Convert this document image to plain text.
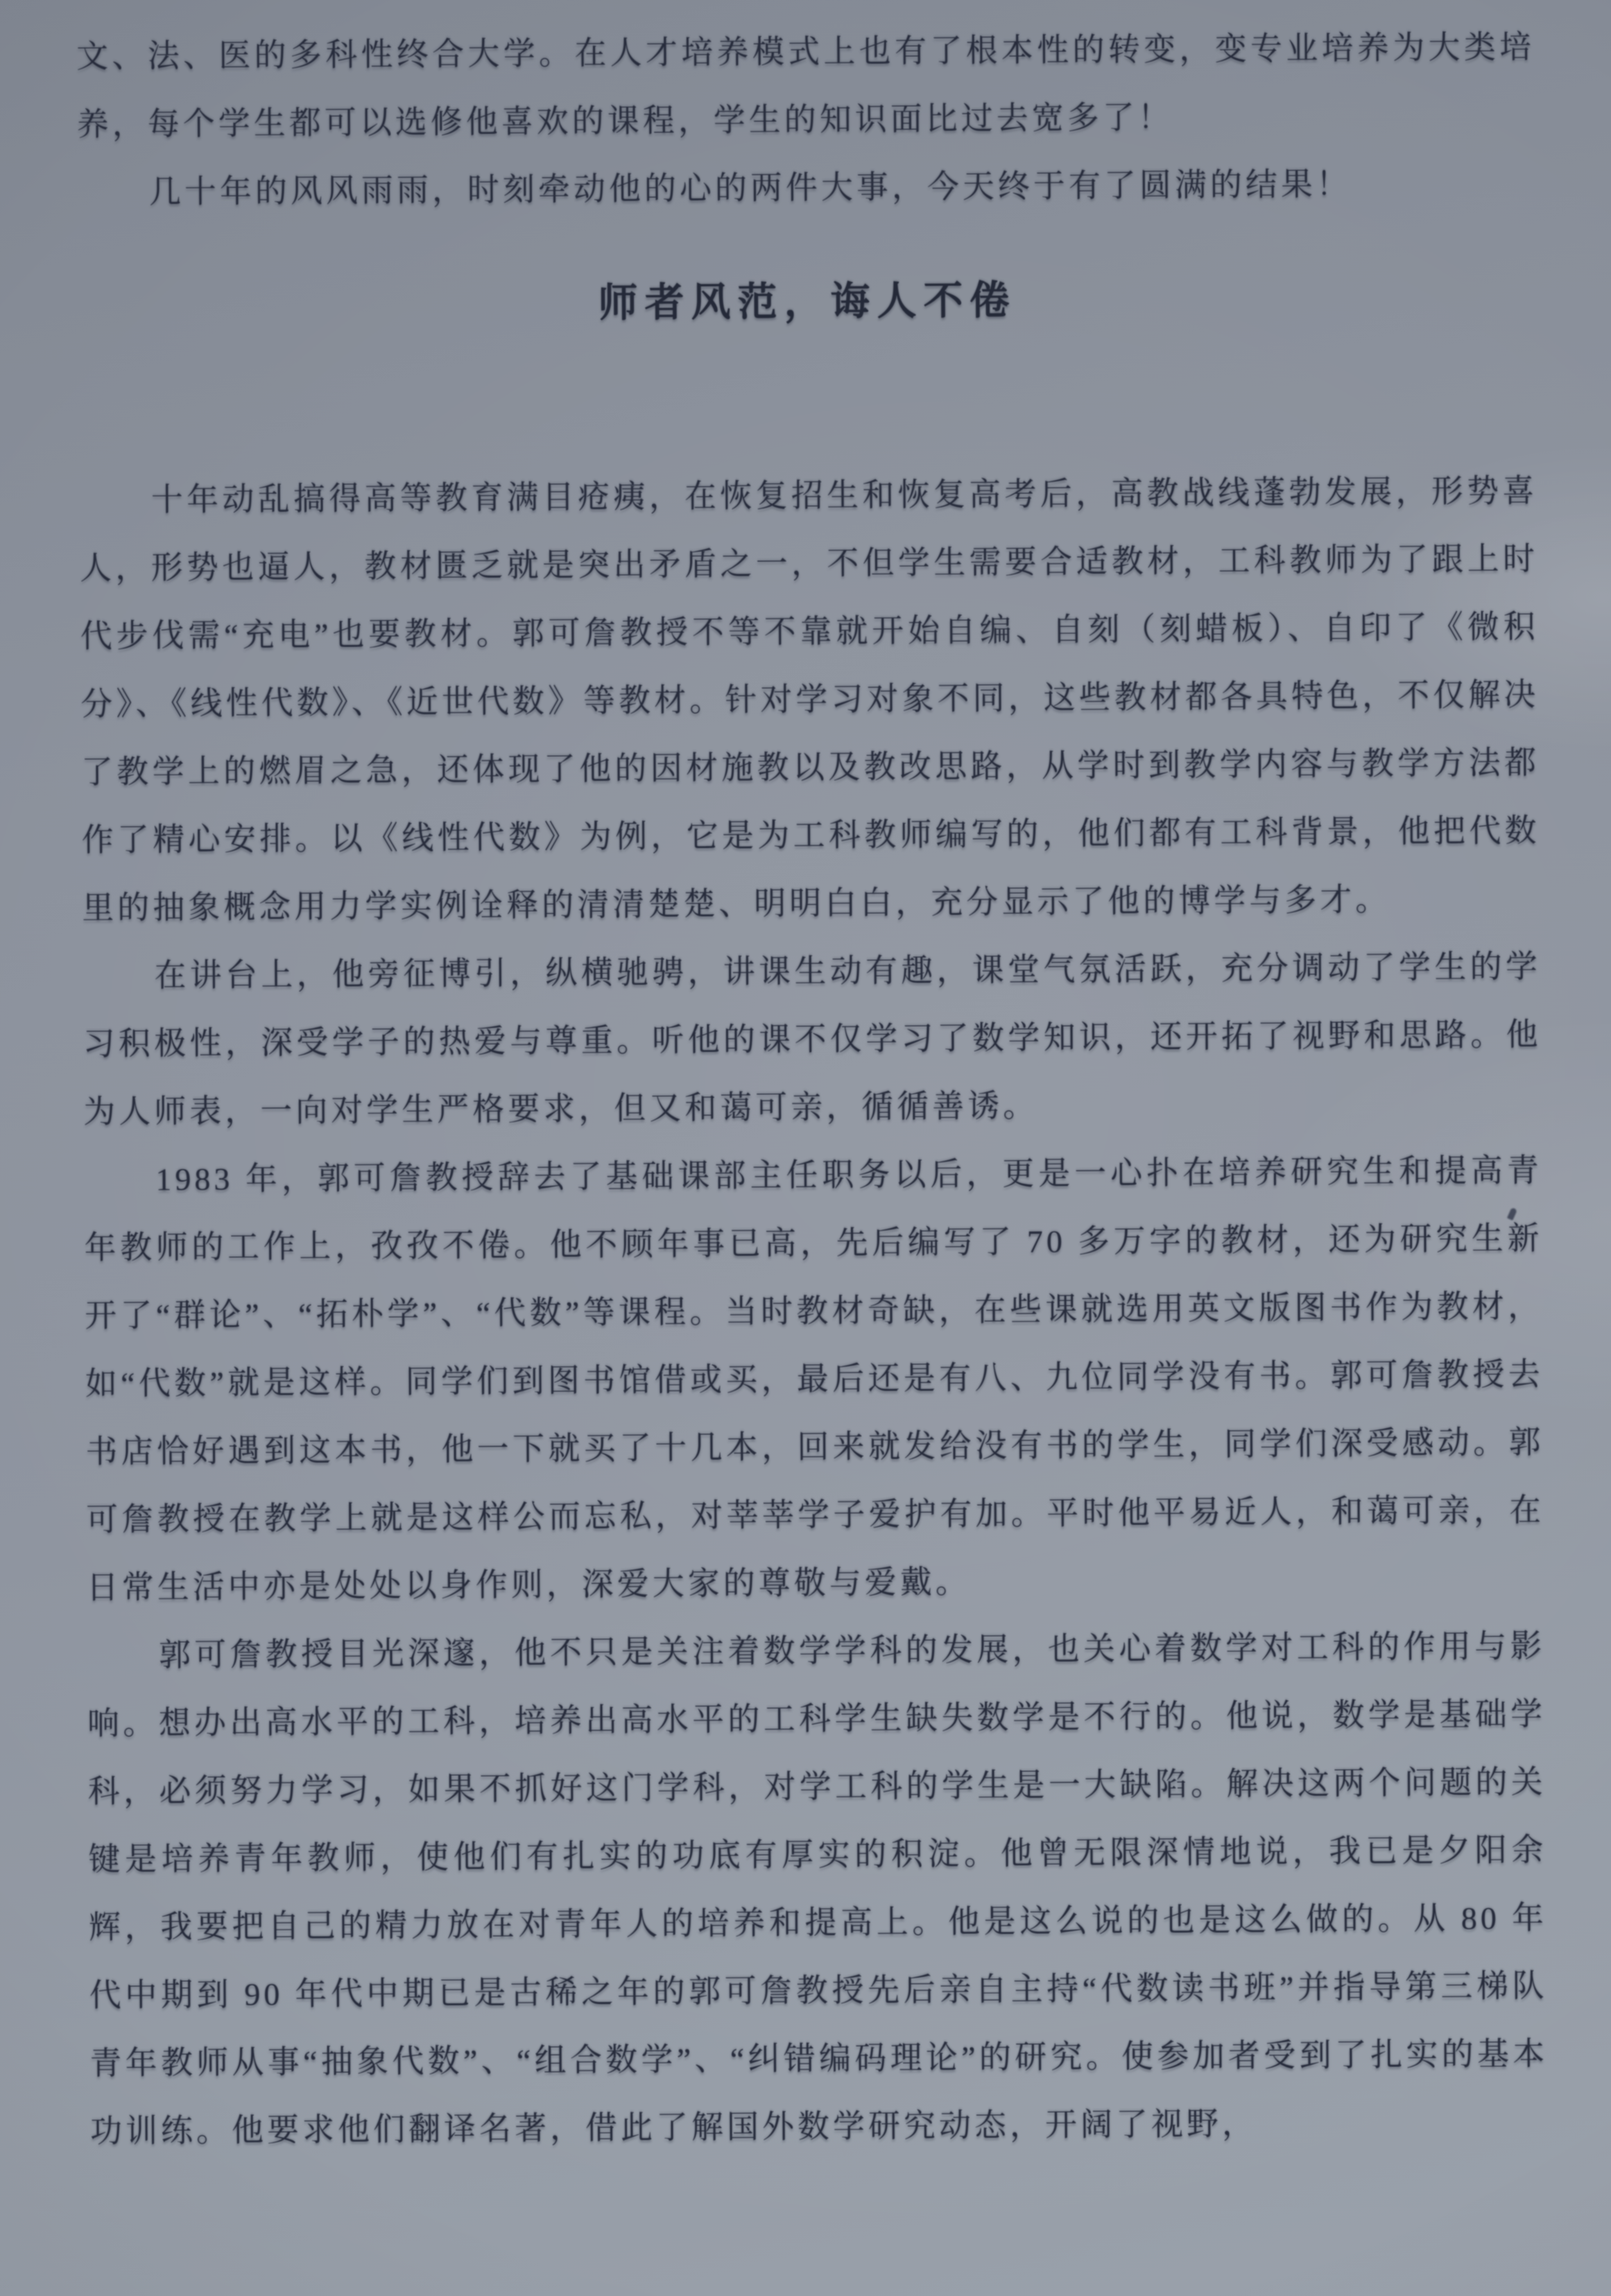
文、法、医的多科性终合大学。在人才培养模式上也有了根本性的转变，变专业培养为大类培养，每个学生都可以选修他喜欢的课程，学生的知识面比过去宽多了！

几十年的风风雨雨，时刻牵动他的心的两件大事，今天终于有了圆满的结果！

师者风范，诲人不倦

十年动乱搞得高等教育满目疮痍，在恢复招生和恢复高考后，高教战线蓬勃发展，形势喜人，形势也逼人，教材匮乏就是突出矛盾之一，不但学生需要合适教材，工科教师为了跟上时代步伐需“充电”也要教材。郭可詹教授不等不靠就开始自编、自刻（刻蜡板）、自印了《微积分》、《线性代数》、《近世代数》等教材。针对学习对象不同，这些教材都各具特色，不仅解决了教学上的燃眉之急，还体现了他的因材施教以及教改思路，从学时到教学内容与教学方法都作了精心安排。以《线性代数》为例，它是为工科教师编写的，他们都有工科背景，他把代数里的抽象概念用力学实例诠释的清清楚楚、明明白白，充分显示了他的博学与多才。

在讲台上，他旁征博引，纵横驰骋，讲课生动有趣，课堂气氛活跃，充分调动了学生的学习积极性，深受学子的热爱与尊重。听他的课不仅学习了数学知识，还开拓了视野和思路。他为人师表，一向对学生严格要求，但又和蔼可亲，循循善诱。

1983 年，郭可詹教授辞去了基础课部主任职务以后，更是一心扑在培养研究生和提高青年教师的工作上，孜孜不倦。他不顾年事已高，先后编写了 70 多万字的教材，还为研究生新开了“群论”、“拓朴学”、“代数”等课程。当时教材奇缺，在些课就选用英文版图书作为教材，如“代数”就是这样。同学们到图书馆借或买，最后还是有八、九位同学没有书。郭可詹教授去书店恰好遇到这本书，他一下就买了十几本，回来就发给没有书的学生，同学们深受感动。郭可詹教授在教学上就是这样公而忘私，对莘莘学子爱护有加。平时他平易近人，和蔼可亲，在日常生活中亦是处处以身作则，深爱大家的尊敬与爱戴。

郭可詹教授目光深邃，他不只是关注着数学学科的发展，也关心着数学对工科的作用与影响。想办出高水平的工科，培养出高水平的工科学生缺失数学是不行的。他说，数学是基础学科，必须努力学习，如果不抓好这门学科，对学工科的学生是一大缺陷。解决这两个问题的关键是培养青年教师，使他们有扎实的功底有厚实的积淀。他曾无限深情地说，我已是夕阳余辉，我要把自己的精力放在对青年人的培养和提高上。他是这么说的也是这么做的。从 80 年代中期到 90 年代中期已是古稀之年的郭可詹教授先后亲自主持“代数读书班”并指导第三梯队青年教师从事“抽象代数”、“组合数学”、“纠错编码理论”的研究。使参加者受到了扎实的基本功训练。他要求他们翻译名著，借此了解国外数学研究动态，开阔了视野，
